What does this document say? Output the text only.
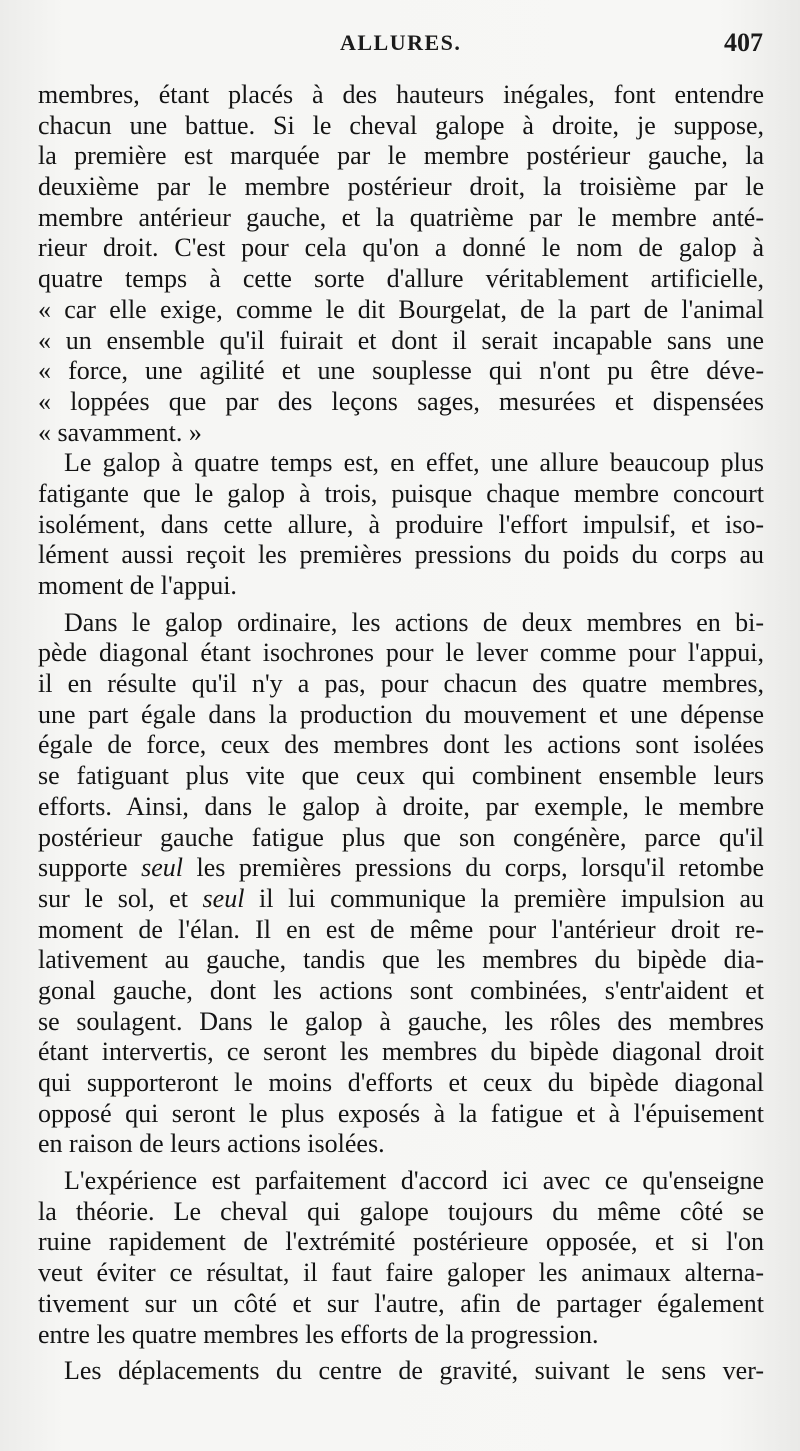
ALLURES.	407
membres, étant placés à des hauteurs inégales, font entendre
chacun une battue. Si le cheval galope à droite, je suppose,
la première est marquée par le membre postérieur gauche, la
deuxième par le membre postérieur droit, la troisième par le
membre antérieur gauche, et la quatrième par le membre anté-
rieur droit. C'est pour cela qu'on a donné le nom de galop à
quatre temps à cette sorte d'allure véritablement artificielle,
« car elle exige, comme le dit Bourgelat, de la part de l'animal
« un ensemble qu'il fuirait et dont il serait incapable sans une
« force, une agilité et une souplesse qui n'ont pu être déve-
« loppées que par des leçons sages, mesurées et dispensées
« savamment. »
Le galop à quatre temps est, en effet, une allure beaucoup plus
fatigante que le galop à trois, puisque chaque membre concourt
isolément, dans cette allure, à produire l'effort impulsif, et iso-
lément aussi reçoit les premières pressions du poids du corps au
moment de l'appui.
Dans le galop ordinaire, les actions de deux membres en bi-
pède diagonal étant isochrones pour le lever comme pour l'appui,
il en résulte qu'il n'y a pas, pour chacun des quatre membres,
une part égale dans la production du mouvement et une dépense
égale de force, ceux des membres dont les actions sont isolées
se fatiguant plus vite que ceux qui combinent ensemble leurs
efforts. Ainsi, dans le galop à droite, par exemple, le membre
postérieur gauche fatigue plus que son congénère, parce qu'il
supporte seul les premières pressions du corps, lorsqu'il retombe
sur le sol, et seul il lui communique la première impulsion au
moment de l'élan. Il en est de même pour l'antérieur droit re-
lativement au gauche, tandis que les membres du bipède dia-
gonal gauche, dont les actions sont combinées, s'entr'aident et
se soulagent. Dans le galop à gauche, les rôles des membres
étant intervertis, ce seront les membres du bipède diagonal droit
qui supporteront le moins d'efforts et ceux du bipède diagonal
opposé qui seront le plus exposés à la fatigue et à l'épuisement
en raison de leurs actions isolées.
L'expérience est parfaitement d'accord ici avec ce qu'enseigne
la théorie. Le cheval qui galope toujours du même côté se
ruine rapidement de l'extrémité postérieure opposée, et si l'on
veut éviter ce résultat, il faut faire galoper les animaux alterna-
tivement sur un côté et sur l'autre, afin de partager également
entre les quatre membres les efforts de la progression.
Les déplacements du centre de gravité, suivant le sens ver-
